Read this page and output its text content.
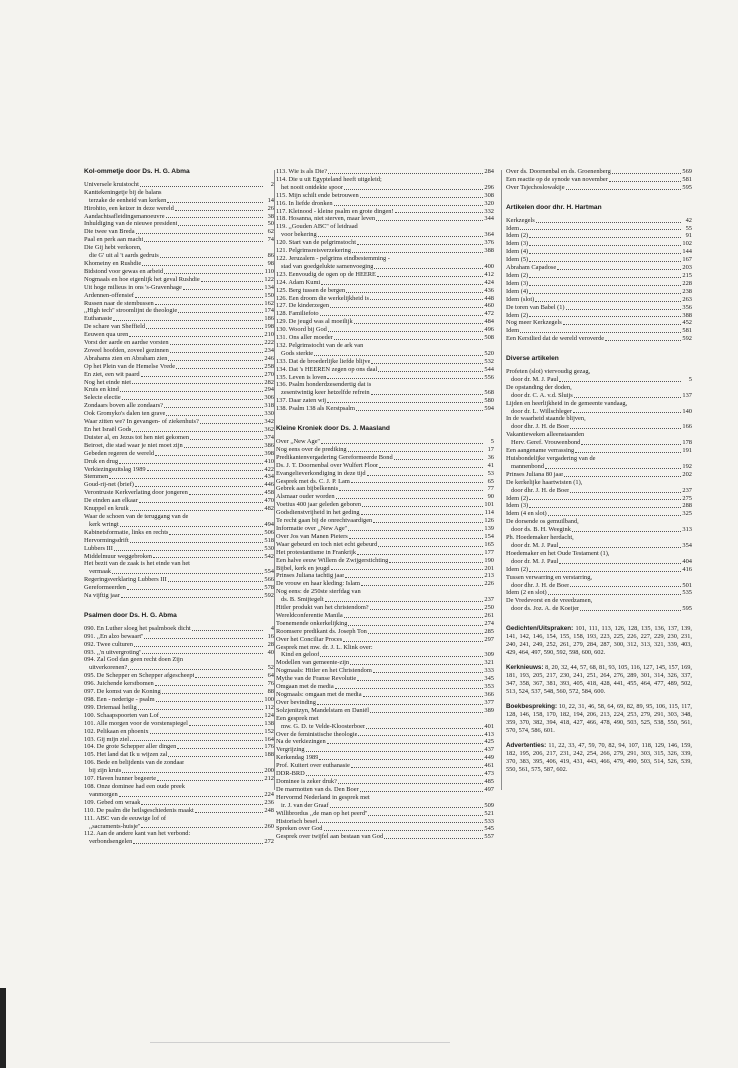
Kol-ommetje door Ds. H. G. Abma
Universele kruistocht	2
Kanttekeningetje bij de balans
terzake de eenheid van kerken	14
Hirohito, een keizer in deze wereld	26
Aandachtsafleidingsmanoeuvre	38
Inhuldiging van de nieuwe president	50
Die twee van Breda	62
Paal en perk aan macht	74
Die Gij hebt verkoren,
die G' uit al 't aards gedruis	86
Khomeiny en Rushdie	98
Bidstond voor gewas en arbeid	110
Nogmaals en hoe eigenlijk het geval Rushdie	122
Uit hoge milieus in ons 's-Gravenhage	134
Ardennen-offensief	150
Russen naar de stembussen	162
,,High tech'' stroomlijnt de theologie	174
Euthanasie	186
De schare van Sheffield	198
Eeuwen qua uren	210
Vorst der aarde en aardse vorsten	222
Zoveel hoofden, zoveel gezinnen	234
Abrahams zien en Abraham zien	246
Op het Plein van de Hemelse Vrede	258
En ziet, een wit paard	270
Nog het einde niet	282
Kruis en kind	294
Selecte electie	306
Zondaars boven alle zondaars?	318
Ook Gromyko's dalen ten grave	330
Waar zitten we? In gevangen- of ziekenhuis?	342
En het Israël Gods	362
Duister al, en Jezus tot hen niet gekomen	374
Beiroet, die stad waar je niet moet zijn	386
Gebeden regeren de wereld	398
Druk en drug	410
Verkiezingsuitslag 1989	422
Stemmen	434
Goud-rij-net (brief)	446
Verontruste Kerkverlating door jongeren	458
De einden aan elkaar	470
Knuppel en kruik	482
Waar de schoen van de teruggang van de
kerk wringt	494
Kabinetsformatie, links en rechts	506
Hervormingsdrift	518
Lubbers III	530
Middelmuur weggebroken	542
Het bezit van de zaak is het einde van het
vermaak	554
Regeringsverklaring Lubbers III	566
Gereformeerden	578
Na vijftig jaar	592
Psalmen door Ds. H. G. Abma
090. En Luther sloeg het psalmboek dicht	4
091. ,,En alzo bewaart''	16
092. Twee culturen	28
093. ,,'n uitvergroting''	40
094. Zal God dan geen recht doen Zijn
uitverkorenen?	52
095. De Schepper en Schepper afgescheept	64
096. Juichende kerstbomen	76
097. De komst van de Koning	88
098. Een - nederige - psalm	100
099. Driemaal heilig	112
100. Schaapspoorten van Lof	124
101. Alle morgen voor de vorstenspiegel	138
102. Pelikaan en phoenix	152
103. Gij mijn ziel	164
104. De grote Schepper aller dingen	176
105. Het land dat Ik u wijzen zal	188
106. Bede en belijdenis van de zondaar
bij zijn kruis	200
107. Haven hunner begeerte	212
108. Onze dominee had een oude preek
vanmorgen	224
109. Gebed om wraak	236
110. De psalm die heilsgeschiedenis maakt	248
111. ABC van de eeuwige lof of
,,sacraments-huisje''	260
112. Aan de andere kant van het verbond:
verbondsengelen	272
113. Wie is als Die?	284
114. Die u uit Egypteland heeft uitgeleid;
het nooit ontdekte spoor	296
115. Mijn schilt ende betrouwen	308
116. In liefde dronken	320
117. Kleinood - kleine psalm en grote dingen!	332
118. Hosanna, niet sterven, maar leven	344
119. ,,Gouden ABC'' of leidraad
voor bekering	364
120. Start van de pelgrimstocht	376
121. Pelgrimsreisverzekering	388
122. Jeruzalem - pelgrims eindbestemming -
stad van goedgelukte samenvoeging	400
123. Eenvoudig de ogen op de HEERE	412
124. Adam Kumi	424
125. Berg tussen de bergen	436
126. Een droom die werkelijkheid is	448
127. De kinderzegen	460
128. Familiefoto	472
129. De jeugd was al moeilijk	484
130. Woord bij God	496
131. Ons aller moeder	508
132. Pelgrimstocht van de ark van
Gods sterkte	520
133. Dat de broederlijke liefde blijve	532
134. Dat 's HEEREN zegen op ons daal	544
135. Leven is loven	556
136. Psalm honderdzesendertig dat is
zesentwintig keer hetzelfde refrein	568
137. Daar zaten wij	580
138. Psalm 138 als Kerstpsalm	594
Kleine Kroniek door Ds. J. Maasland
Over ,,New Age''	5
Nog eens over de prediking	17
Predikantenvergadering Gereformeerde Bond	36
Ds. J. T. Doornenbal over Wulfert Floor	41
Evangelieverkondiging in deze tijd	53
Gesprek met ds. C. J. P. Lam	65
Gebrek aan bijbelkennis	77
Alsmaar ouder worden	90
Voetius 400 jaar geleden geboren	101
Godsdienstvrijheid in het geding	114
Te recht gaan bij de onrechtvaardigen	126
Informatie over ,,New Age''	139
Over Jos van Manen Pieters	154
Waar gebeurd en toch niet echt gebeurd	165
Het protestantisme in Frankrijk	177
Een halve eeuw Willem de Zwijgerstichting	190
Bijbel, kerk en jeugd	201
Prinses Juliana tachtig jaar	213
De vrouw en haar kleding: Islam	226
Nog eens: de 250ste sterfdag van
ds. B. Smijtegelt	237
Hitler produkt van het christendom?	250
Wereldconferentie Manila	261
Toenemende onkerkelijking	274
Roomsere predikant ds. Joseph Ton	285
Over het Conciliar Proces	297
Gesprek met mw. dr. J. L. Klink over:
Kind en geloof	309
Modellen van gemeente-zijn	321
Nogmaals: Hitler en het Christendom	333
Mythe van de Franse Revolutie	345
Omgaan met de media	353
Nogmaals: omgaan met de media	366
Over bevinding	377
Solzjenitzyn, Mandelstam en Daniël	389
Een gesprek met
mw. G. D. te Velde-Kloosterboer	401
Over de feministische theologie	413
Na de verkiezingen	425
Vergrijzing	437
Kerkendag 1989	449
Prof. Kuitert over euthanasie	461
DDR-BRD	473
Dominee is zeker druk?	485
De marmotten van ds. Den Boer	497
Hervormd Nederland in gesprek met
ir. J. van der Graaf	509
Willibrordus ,,de man op het peerd''	521
Historisch besef	533
Spreken over God	545
Gesprek over twijfel aan bestaan van God	557
Over ds. Doornenbal en ds. Groenenberg	569
Een reactie op de synode van november	581
Over Tsjechoslowakije	595
Artikelen door dhr. H. Hartman
Kerkzegels	42
Idem	55
Idem (2)	91
Idem (3)	102
Idem (4)	144
Idem (5)	167
Abraham Capadose	203
Idem (2)	215
Idem (3)	228
Idem (4)	238
Idem (slot)	263
De toren van Babel (1)	356
Idem (2)	388
Nog meer Kerkzegels	452
Idem	581
Een Kerstlied dat de wereld veroverde	592
Diverse artikelen
Profeten (slot) viervoudig gezag,
door dr. M. J. Paul	5
De opstanding der doden,
door dr. C. A. v.d. Sluijs	137
Lijden en heerlijkheid in de gemeente vandaag,
door dr. L. Willschleger	140
In de waarheid staande blijven,
door dhr. J. H. de Boer	166
Vakantieweken alleenstaanden
Herv. Geref. Vrouwenbond	178
Een aangename verrassing	191
Huisbondelijke vergadering van de
mannenbond	192
Prinses Juliana 80 jaar	202
De kerkelijke haartwisten (1),
door dhr. J. H. de Boer	237
Idem (2)	275
Idem (3)	288
Idem (4 en slot)	325
De dorsende os gemuilband,
door ds. B. H. Weegink	313
Ph. Hoedemaker herdacht,
door dr. M. J. Paul	354
Hoedemaker en het Oude Testament (1),
door dr. M. J. Paul	404
Idem (2)	416
Tussen verwarring en verstarring,
door dhr. J. H. de Boer	501
Idem (2 en slot)	535
De Vredevorst en de vreedzamen,
door ds. Joz. A. de Koeijer	595
Gedichten/Uitspraken: 101, 111, 113, 126, 128, 135, 136, 137, 139, 141, 142, 146, 154, 155, 158, 193, 223, 225, 226, 227, 229, 230, 231, 240, 241, 249, 252, 261, 279, 284, 287, 300, 312, 313, 321, 339, 403, 429, 464, 497, 590, 592, 598, 600, 602.
Kerknieuws: 8, 20, 32, 44, 57, 68, 81, 93, 105, 116, 127, 145, 157, 169, 181, 193, 205, 217, 230, 241, 251, 264, 276, 289, 301, 314, 326, 337, 347, 358, 367, 381, 393, 405, 418, 428, 441, 455, 464, 477, 489, 502, 513, 524, 537, 548, 560, 572, 584, 600.
Boekbespreking: 10, 22, 31, 46, 58, 64, 69, 82, 89, 95, 106, 115, 117, 128, 146, 158, 170, 182, 194, 206, 213, 224, 253, 279, 291, 303, 348, 359, 370, 382, 394, 418, 427, 466, 478, 490, 503, 525, 538, 550, 561, 570, 574, 586, 601.
Advertenties: 11, 22, 33, 47, 59, 70, 82, 94, 107, 118, 129, 146, 159, 182, 195, 206, 217, 231, 242, 254, 266, 279, 291, 303, 315, 326, 339, 370, 383, 395, 406, 419, 431, 443, 466, 479, 490, 503, 514, 526, 539, 550, 561, 575, 587, 602.
